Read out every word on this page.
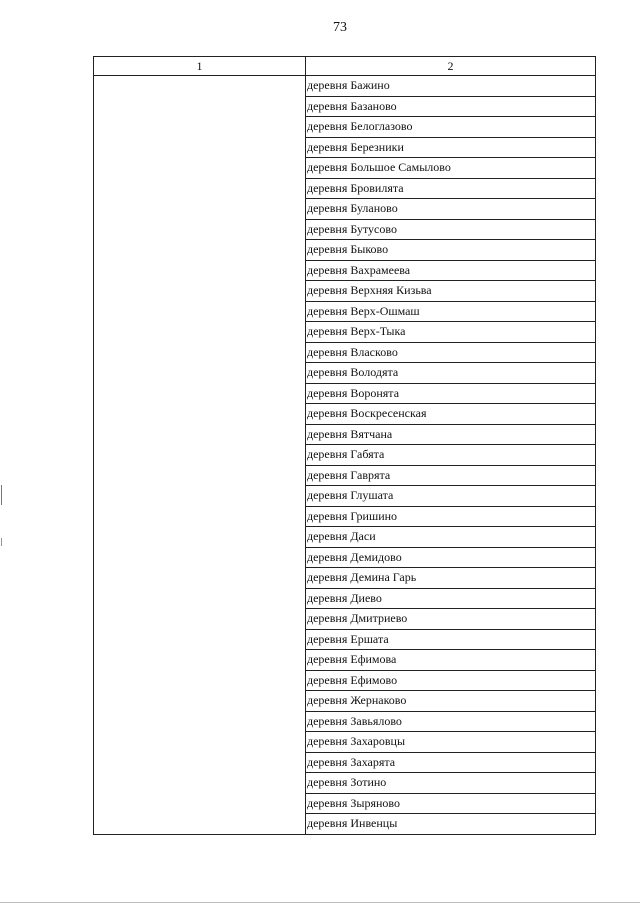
73
1	2
	деревня Бажино
	деревня Базаново
	деревня Белоглазово
	деревня Березники
	деревня Большое Самылово
	деревня Бровилята
	деревня Буланово
	деревня Бутусово
	деревня Быково
	деревня Вахрамеева
	деревня Верхняя Кизьва
	деревня Верх-Ошмаш
	деревня Верх-Тыка
	деревня Власково
	деревня Володята
	деревня Воронята
	деревня Воскресенская
	деревня Вятчана
	деревня Габята
	деревня Гаврята
	деревня Глушата
	деревня Гришино
	деревня Даси
	деревня Демидово
	деревня Демина Гарь
	деревня Диево
	деревня Дмитриево
	деревня Ершата
	деревня Ефимова
	деревня Ефимово
	деревня Жернаково
	деревня Завьялово
	деревня Захаровцы
	деревня Захарята
	деревня Зотино
	деревня Зыряново
	деревня Инвенцы
